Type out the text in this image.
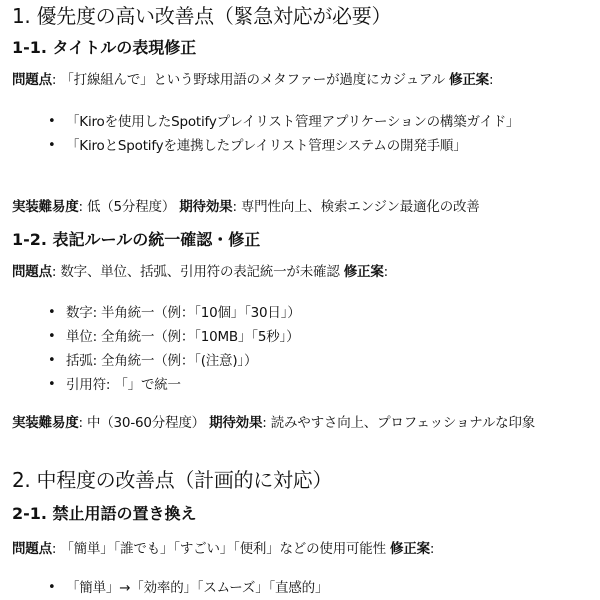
1. 優先度の高い改善点（緊急対応が必要）
1-1. タイトルの表現修正
問題点: 「打線組んで」という野球用語のメタファーが過度にカジュアル 修正案:
• 「Kiroを使用したSpotifyプレイリスト管理アプリケーションの構築ガイド」
• 「KiroとSpotifyを連携したプレイリスト管理システムの開発手順」
実装難易度: 低（5分程度） 期待効果: 専門性向上、検索エンジン最適化の改善
1-2. 表記ルールの統一確認・修正
問題点: 数字、単位、括弧、引用符の表記統一が未確認 修正案:
• 数字: 半角統一（例：「10個」「30日」）
• 単位: 全角統一（例：「10MB」「5秒」）
• 括弧: 全角統一（例：「(注意)」）
• 引用符: 「」で統一
実装難易度: 中（30-60分程度） 期待効果: 読みやすさ向上、プロフェッショナルな印象
2. 中程度の改善点（計画的に対応）
2-1. 禁止用語の置き換え
問題点: 「簡単」「誰でも」「すごい」「便利」などの使用可能性 修正案:
• 「簡単」→「効率的」「スムーズ」「直感的」
